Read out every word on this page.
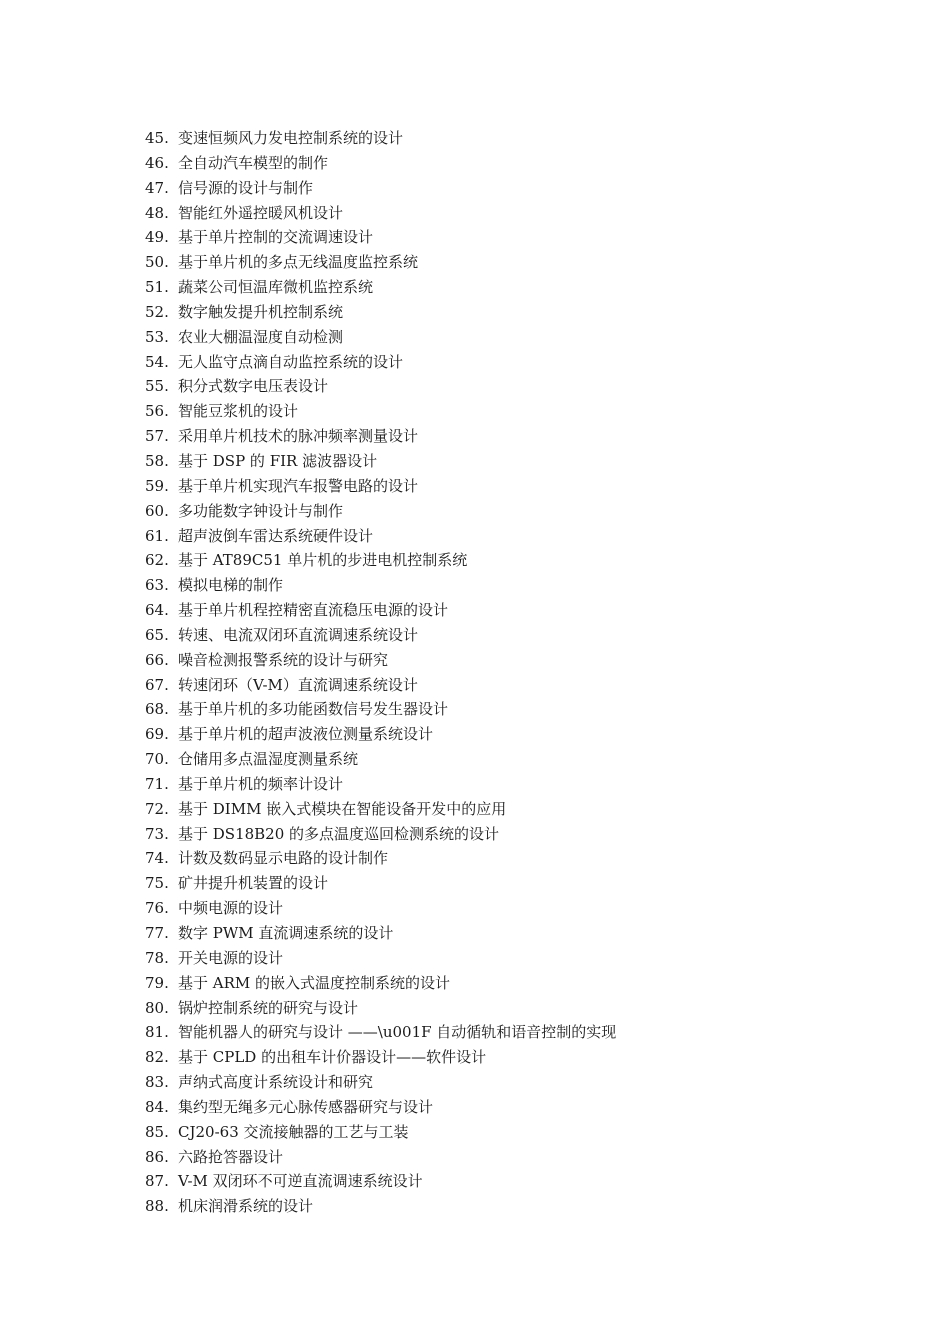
45. 变速恒频风力发电控制系统的设计
46. 全自动汽车模型的制作
47. 信号源的设计与制作
48. 智能红外遥控暖风机设计
49. 基于单片控制的交流调速设计
50. 基于单片机的多点无线温度监控系统
51. 蔬菜公司恒温库微机监控系统
52. 数字触发提升机控制系统
53. 农业大棚温湿度自动检测
54. 无人监守点滴自动监控系统的设计
55. 积分式数字电压表设计
56. 智能豆浆机的设计
57. 采用单片机技术的脉冲频率测量设计
58. 基于 DSP 的 FIR 滤波器设计
59. 基于单片机实现汽车报警电路的设计
60. 多功能数字钟设计与制作
61. 超声波倒车雷达系统硬件设计
62. 基于 AT89C51 单片机的步进电机控制系统
63. 模拟电梯的制作
64. 基于单片机程控精密直流稳压电源的设计
65. 转速、电流双闭环直流调速系统设计
66. 噪音检测报警系统的设计与研究
67. 转速闭环（V-M）直流调速系统设计
68. 基于单片机的多功能函数信号发生器设计
69. 基于单片机的超声波液位测量系统设计
70. 仓储用多点温湿度测量系统
71. 基于单片机的频率计设计
72. 基于 DIMM 嵌入式模块在智能设备开发中的应用
73. 基于 DS18B20 的多点温度巡回检测系统的设计
74. 计数及数码显示电路的设计制作
75. 矿井提升机装置的设计
76. 中频电源的设计
77. 数字 PWM 直流调速系统的设计
78. 开关电源的设计
79. 基于 ARM 的嵌入式温度控制系统的设计
80. 锅炉控制系统的研究与设计
81. 智能机器人的研究与设计 ——\u001F 自动循轨和语音控制的实现
82. 基于 CPLD 的出租车计价器设计——软件设计
83. 声纳式高度计系统设计和研究
84. 集约型无绳多元心脉传感器研究与设计
85. CJ20-63 交流接触器的工艺与工装
86. 六路抢答器设计
87. V-M 双闭环不可逆直流调速系统设计
88. 机床润滑系统的设计
